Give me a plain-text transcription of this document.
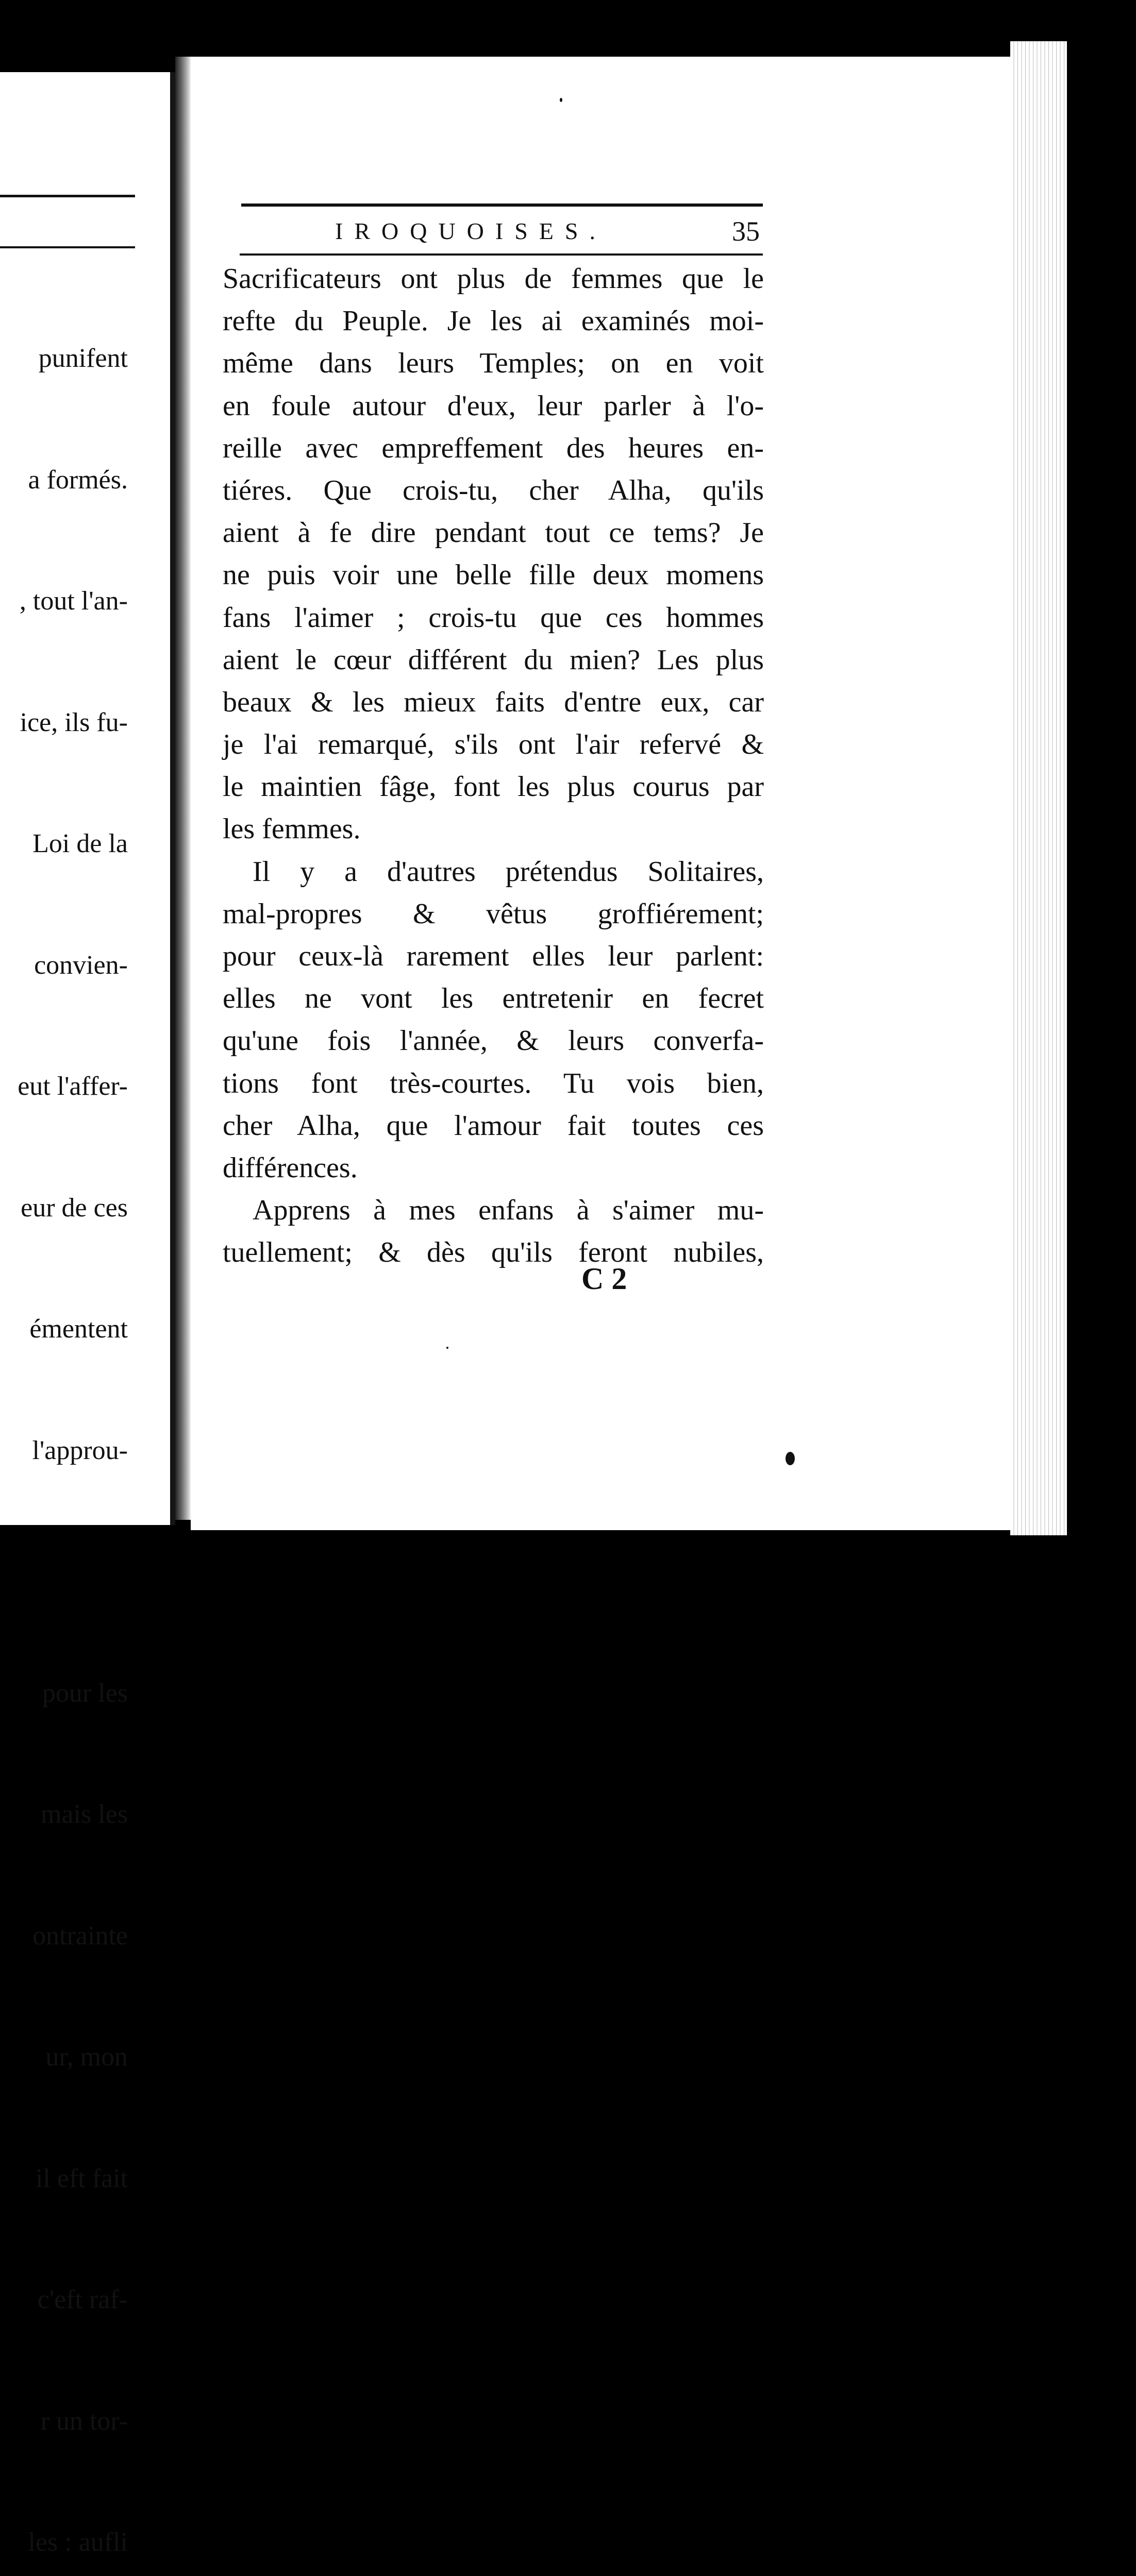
punifent

a formés.

, tout l'an-

ice, ils fu-

Loi de la

convien-

eut l'affer-

eur de ces

émentent

l'approu-

pour les

mais les

ontrainte

ur, mon

il eft fait

c'eft raf-

r un tor-

les : aufli

IROQUOISES.	35
Sacrificateurs ont plus de femmes que le
refte du Peuple. Je les ai examinés moi-
même dans leurs Temples; on en voit
en foule autour d'eux, leur parler à l'o-
reille avec empreffement des heures en-
tiéres. Que crois-tu, cher Alha, qu'ils
aient à fe dire pendant tout ce tems? Je
ne puis voir une belle fille deux momens
fans l'aimer ; crois-tu que ces hommes
aient le cœur différent du mien? Les plus
beaux & les mieux faits d'entre eux, car
je l'ai remarqué, s'ils ont l'air refervé &
le maintien fâge, font les plus courus par
les femmes.
Il y a d'autres prétendus Solitaires,
mal-propres & vêtus groffiérement;
pour ceux-là rarement elles leur parlent:
elles ne vont les entretenir en fecret
qu'une fois l'année, & leurs converfa-
tions font très-courtes. Tu vois bien,
cher Alha, que l'amour fait toutes ces
différences.
Apprens à mes enfans à s'aimer mu-
tuellement; & dès qu'ils feront nubiles,
C 2
